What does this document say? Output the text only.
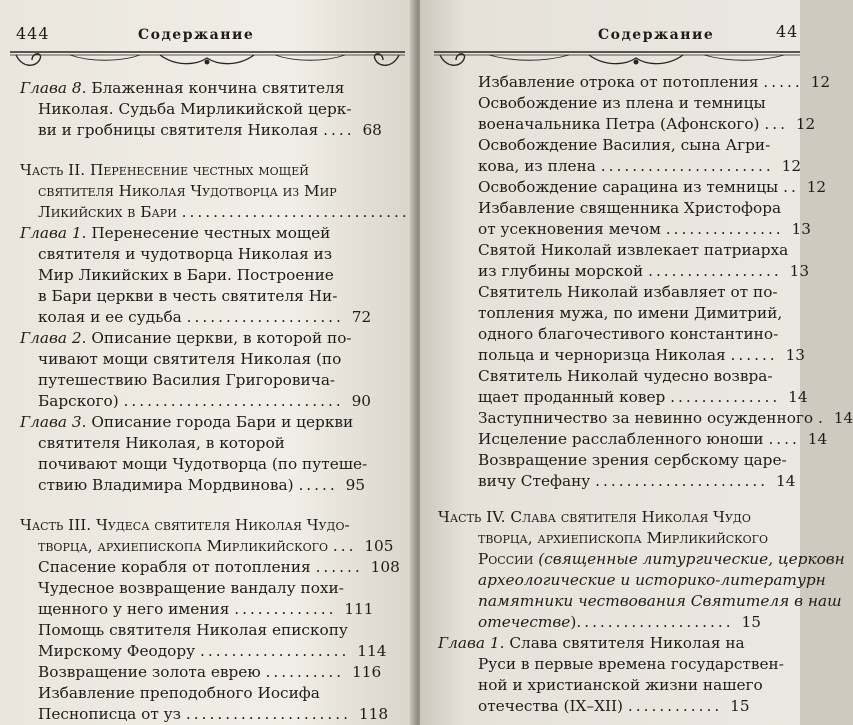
444	Содержание
Глава 8. Блаженная кончина святителя
Николая. Судьба Мирликийской церк-
ви и гробницы святителя Николая .... 68
Часть II. Перенесение честных мощей
святителя Николая Чудотворца из Мир
Ликийских в Бари .............................
Глава 1. Перенесение честных мощей
святителя и чудотворца Николая из
Мир Ликийских в Бари. Построение
в Бари церкви в честь святителя Ни-
колая и ее судьба .................... 72
Глава 2. Описание церкви, в которой по-
чивают мощи святителя Николая (по
путешествию Василия Григоровича-
Барского) ............................ 90
Глава 3. Описание города Бари и церкви
святителя Николая, в которой
почивают мощи Чудотворца (по путеше-
ствию Владимира Мордвинова) ..... 95
Часть III. Чудеса святителя Николая Чудо-
творца, архиепископа Мирликийского ... 105
Спасение корабля от потопления ...... 108
Чудесное возвращение вандалу похи-
щенного у него имения ............. 111
Помощь святителя Николая епископу
Мирскому Феодору ................... 114
Возвращение золота еврею .......... 116
Избавление преподобного Иосифа
Песнописца от уз ..................... 118
Содержание	44
Избавление отрока от потопления ..... 12
Освобождение из плена и темницы
военачальника Петра (Афонского) ... 12
Освобождение Василия, сына Агри-
кова, из плена ...................... 12
Освобождение сарацина из темницы .. 12
Избавление священника Христофора
от усекновения мечом ............... 13
Святой Николай извлекает патриарха
из глубины морской ................. 13
Святитель Николай избавляет от по-
топления мужа, по имени Димитрий,
одного благочестивого константино-
польца и черноризца Николая ...... 13
Святитель Николай чудесно возвра-
щает проданный ковер .............. 14
Заступничество за невинно осужденного . 14
Исцеление расслабленного юноши .... 14
Возвращение зрения сербскому царе-
вичу Стефану ...................... 14
Часть IV. Слава святителя Николая Чудо
творца, архиепископа Мирликийского
России (священные литургические, церковн
археологические и историко-литературн
памятники чествования Святителя в наш
отечестве).................... 15
Глава 1. Слава святителя Николая на
Руси в первые времена государствен-
ной и христианской жизни нашего
отечества (IX–XII) ............ 15
